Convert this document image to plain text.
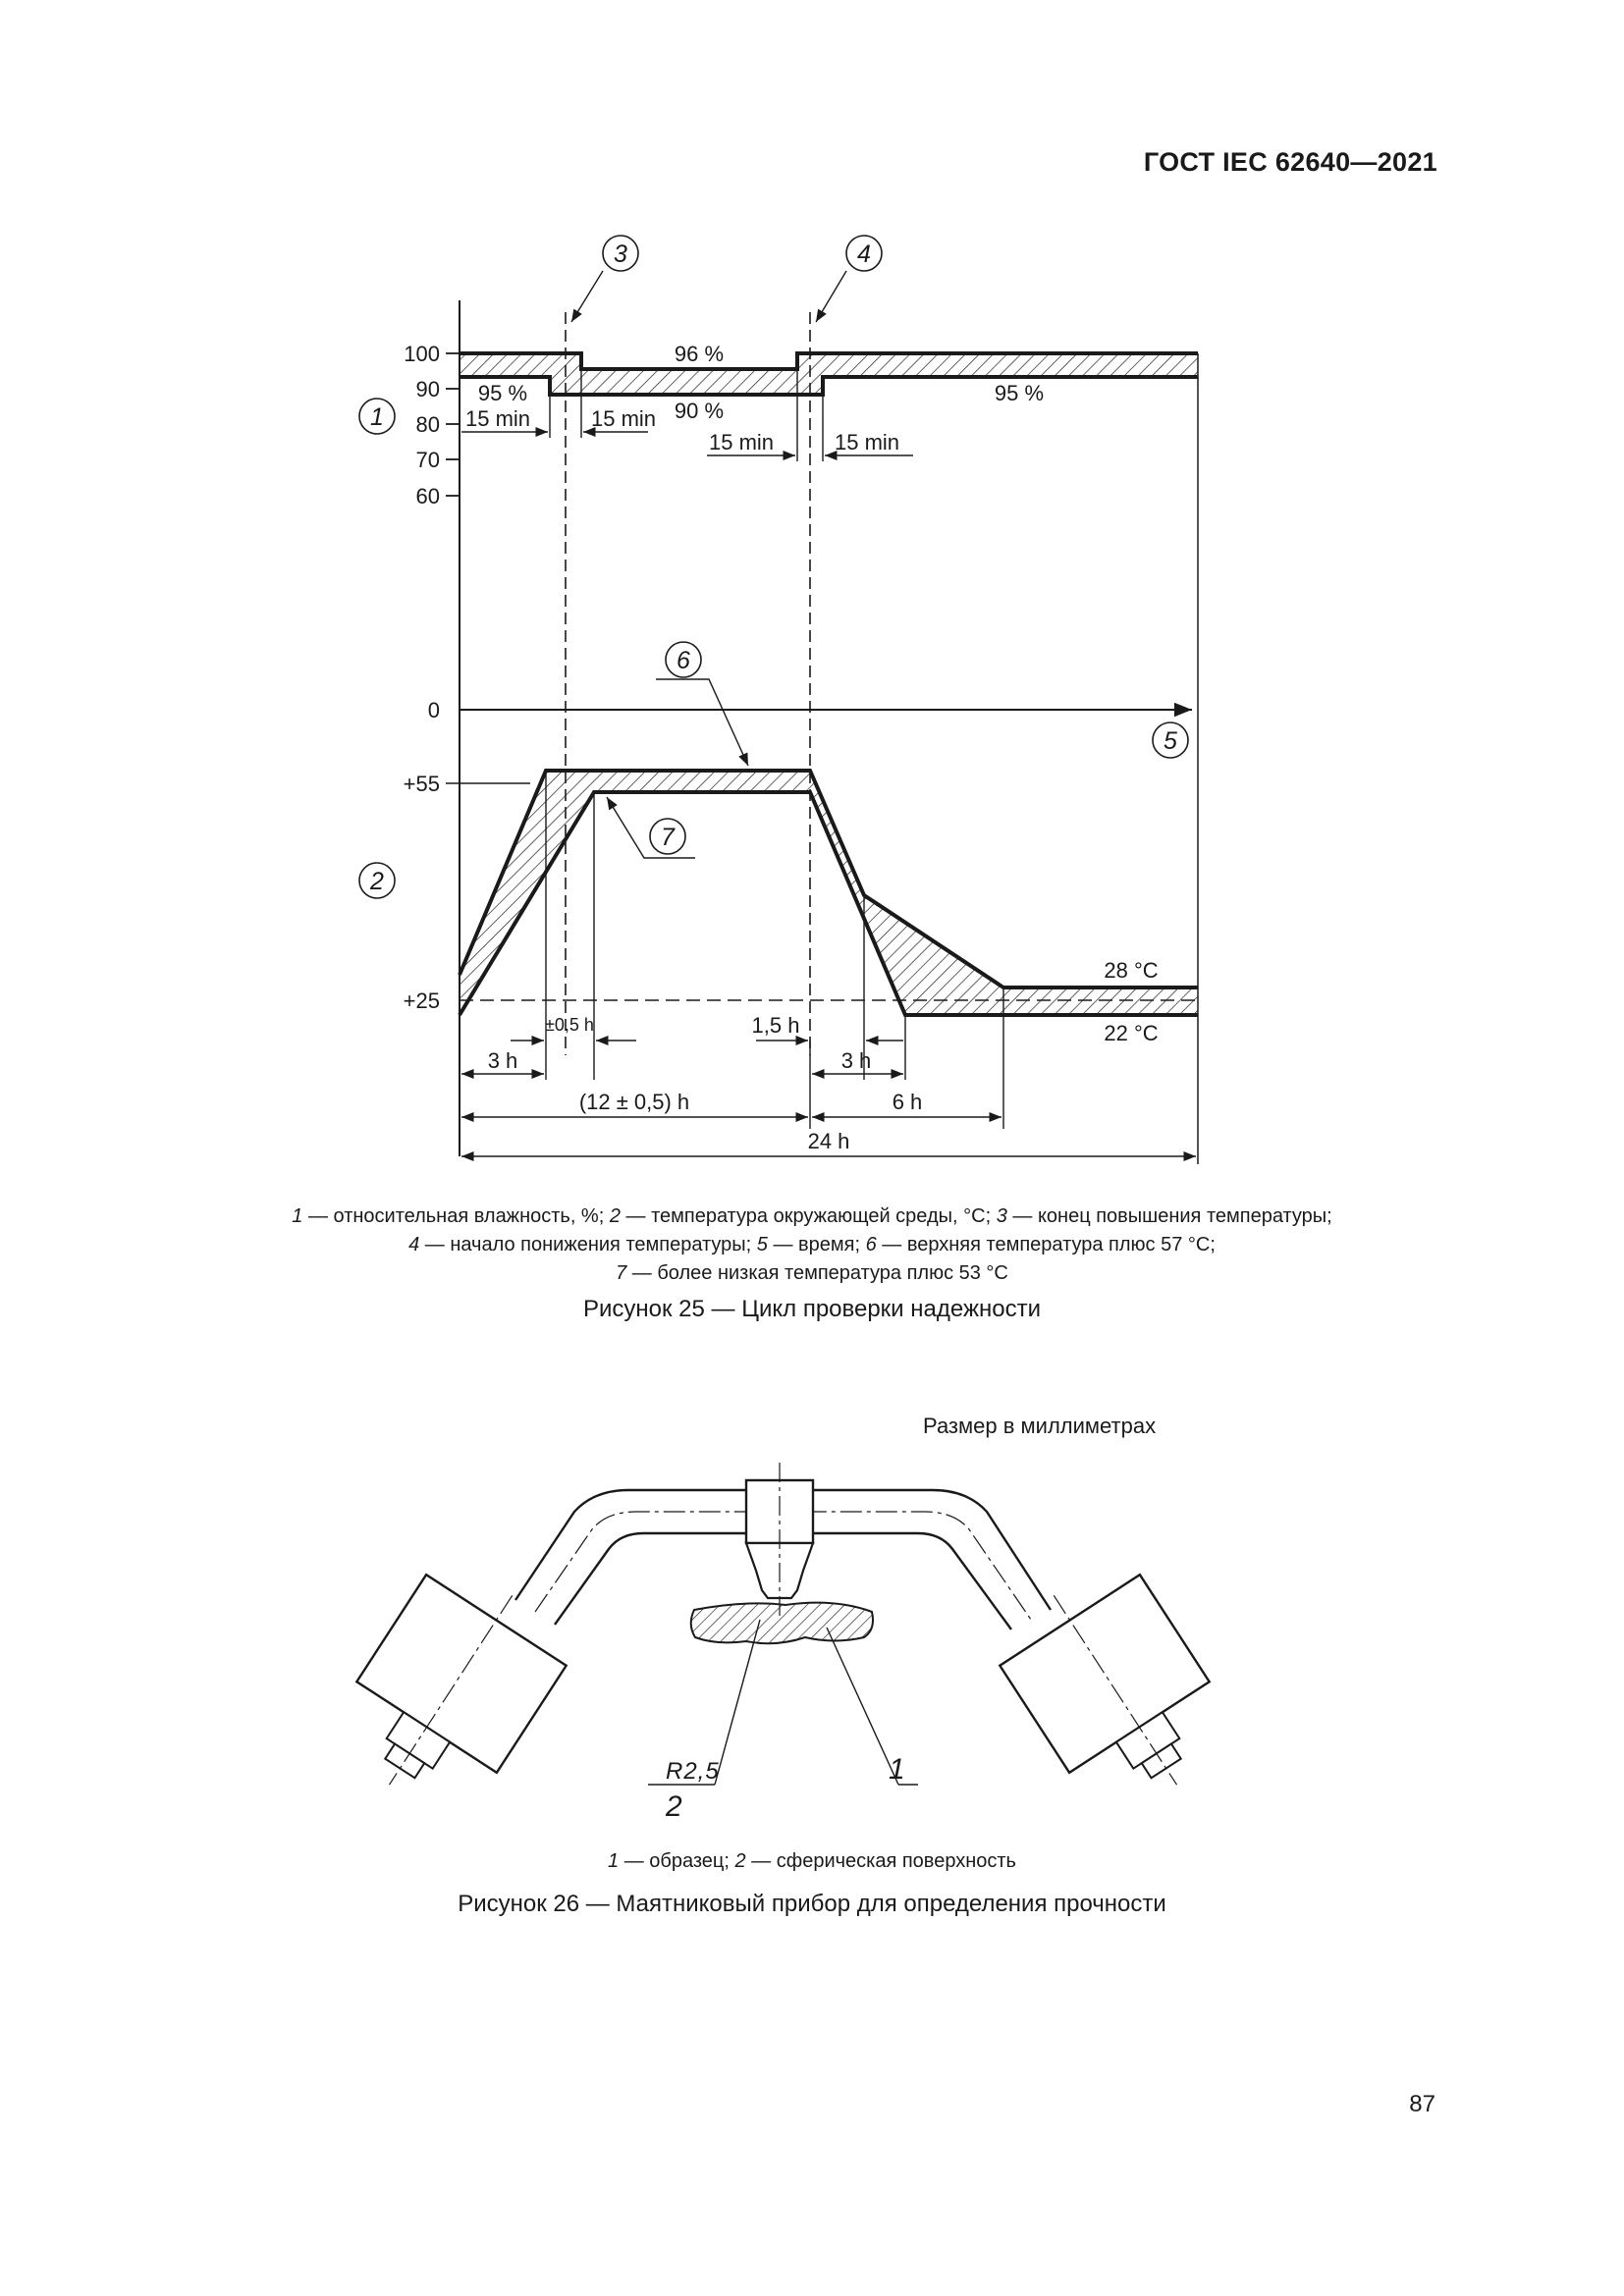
ГОСТ IEC 62640—2021
100
90
80
70
60
96 %
95 %
90 %
95 %
15 min	15 min
15 min	15 min
3	4
1
0
5
+55
+25
2
28 °C
22 °C
6
7
±0,5 h	1,5 h
3 h	3 h
(12 ± 0,5) h	6 h
24 h
1 — относительная влажность, %; 2 — температура окружающей среды, °C; 3 — конец повышения температуры;
4 — начало понижения температуры; 5 — время; 6 — верхняя температура плюс 57 °C;
7 — более низкая температура плюс 53 °C
Рисунок 25 — Цикл проверки надежности
Размер в миллиметрах
R2,5
2
1
1 — образец; 2 — сферическая поверхность
Рисунок 26 — Маятниковый прибор для определения прочности
87
